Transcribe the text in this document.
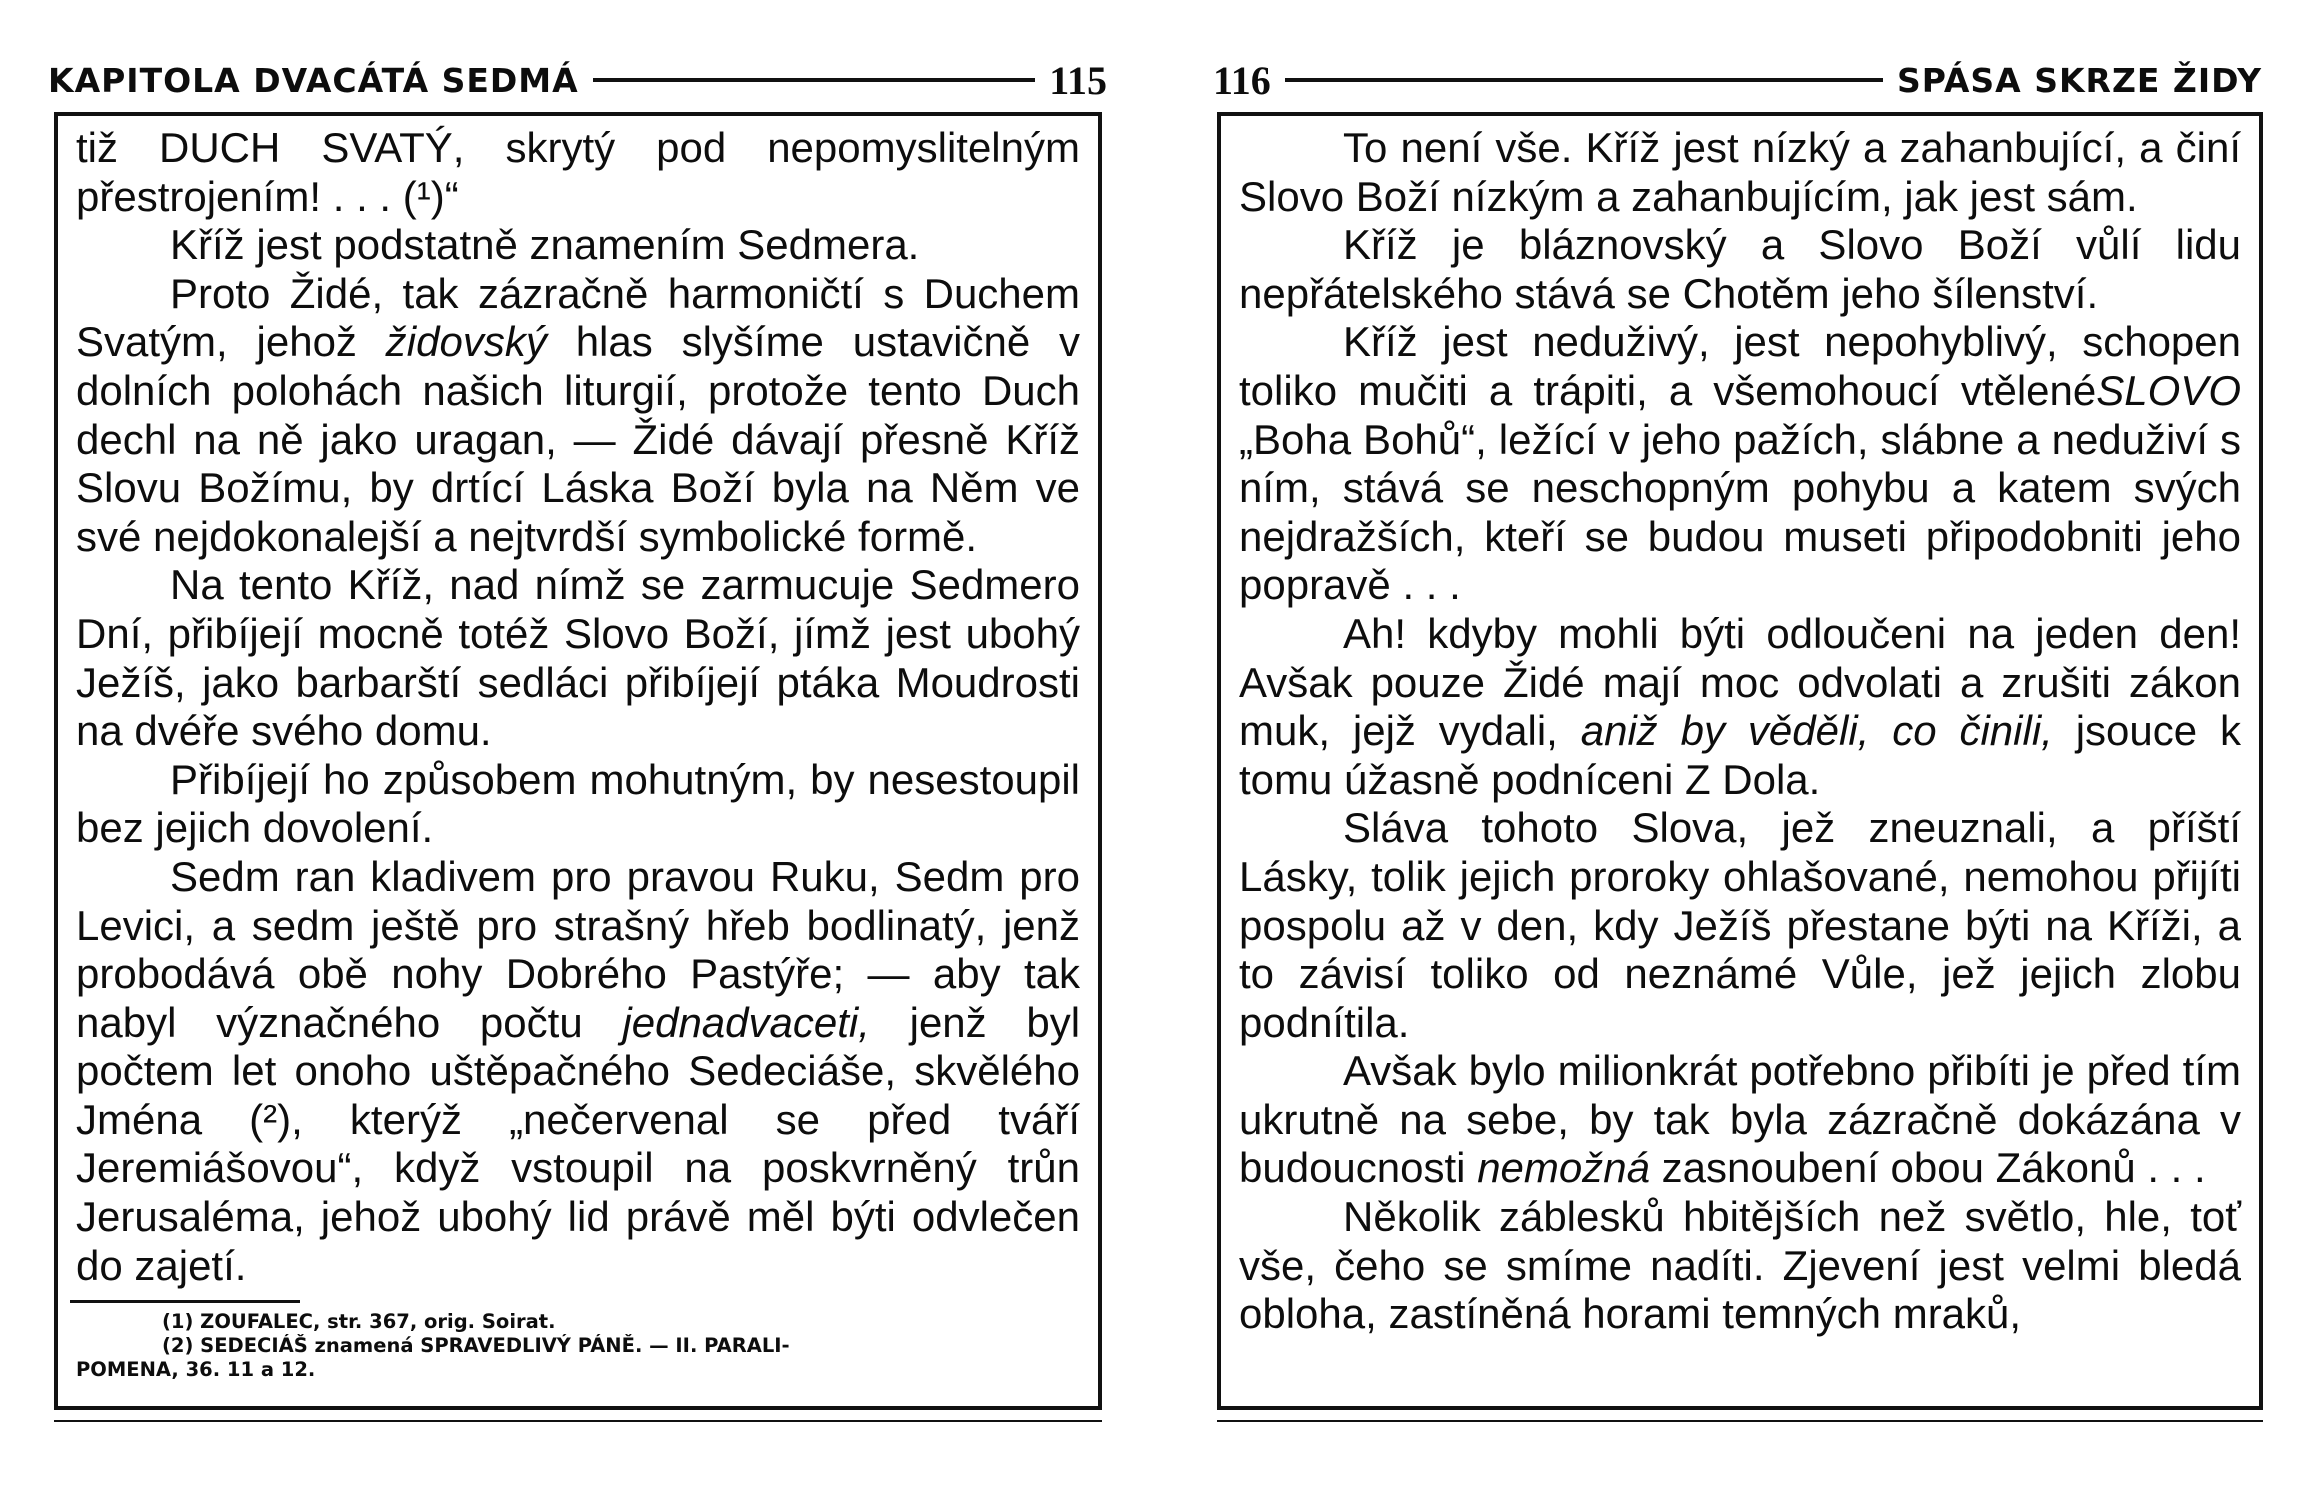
KAPITOLA DVACÁTÁ SEDMÁ	115

tiž DUCH SVATÝ, skrytý pod nepomyslitelným přestrojením! . . . (¹)“

Kříž jest podstatně znamením Sedmera.

Proto Židé, tak zázračně harmoničtí s Duchem Svatým, jehož židovský hlas slyšíme ustavičně v dolních polohách našich liturgií, protože tento Duch dechl na ně jako uragan, — Židé dávají přesně Kříž Slovu Božímu, by drtící Láska Boží byla na Něm ve své nejdokonalejší a nejtvrdší symbolické formě.

Na tento Kříž, nad nímž se zarmucuje Sedmero Dní, přibíjejí mocně totéž Slovo Boží, jímž jest ubohý Ježíš, jako barbarští sedláci přibíjejí ptáka Moudrosti na dvéře svého domu.

Přibíjejí ho způsobem mohutným, by nesestoupil bez jejich dovolení.

Sedm ran kladivem pro pravou Ruku, Sedm pro Levici, a sedm ještě pro strašný hřeb bodlinatý, jenž probodává obě nohy Dobrého Pastýře; — aby tak nabyl význačného počtu jednadvaceti, jenž byl počtem let onoho uštěpačného Sedeciáše, skvělého Jména (²), kterýž „nečervenal se před tváří Jeremiášovou“, když vstoupil na poskvrněný trůn Jerusaléma, jehož ubohý lid právě měl býti odvlečen do zajetí.

(1) ZOUFALEC, str. 367, orig. Soirat.
(2) SEDECIÁŠ znamená SPRAVEDLIVÝ PÁNĚ. — II. PARALI-
POMENA, 36. 11 a 12.
116	SPÁSA SKRZE ŽIDY

To není vše. Kříž jest nízký a zahanbující, a činí Slovo Boží nízkým a zahanbujícím, jak jest sám.

Kříž je bláznovský a Slovo Boží vůlí lidu nepřátelského stává se Chotěm jeho šílenství.

Kříž jest neduživý, jest nepohyblivý, schopen toliko mučiti a trápiti, a všemohoucí vtělenéSLOVO „Boha Bohů“, ležící v jeho pažích, slábne a neduživí s ním, stává se neschopným pohybu a katem svých nejdražších, kteří se budou museti připodobniti jeho popravě . . .

Ah! kdyby mohli býti odloučeni na jeden den! Avšak pouze Židé mají moc odvolati a zrušiti zákon muk, jejž vydali, aniž by věděli, co činili, jsouce k tomu úžasně podníceni Z Dola.

Sláva tohoto Slova, jež zneuznali, a příští Lásky, tolik jejich proroky ohlašované, nemohou přijíti pospolu až v den, kdy Ježíš přestane býti na Kříži, a to závisí toliko od neznámé Vůle, jež jejich zlobu podnítila.

Avšak bylo milionkrát potřebno přibíti je před tím ukrutně na sebe, by tak byla zázračně dokázána v budoucnosti nemožná zasnoubení obou Zákonů . . .

Několik záblesků hbitějších než světlo, hle, toť vše, čeho se smíme nadíti. Zjevení jest velmi bledá obloha, zastíněná horami temných mraků,
